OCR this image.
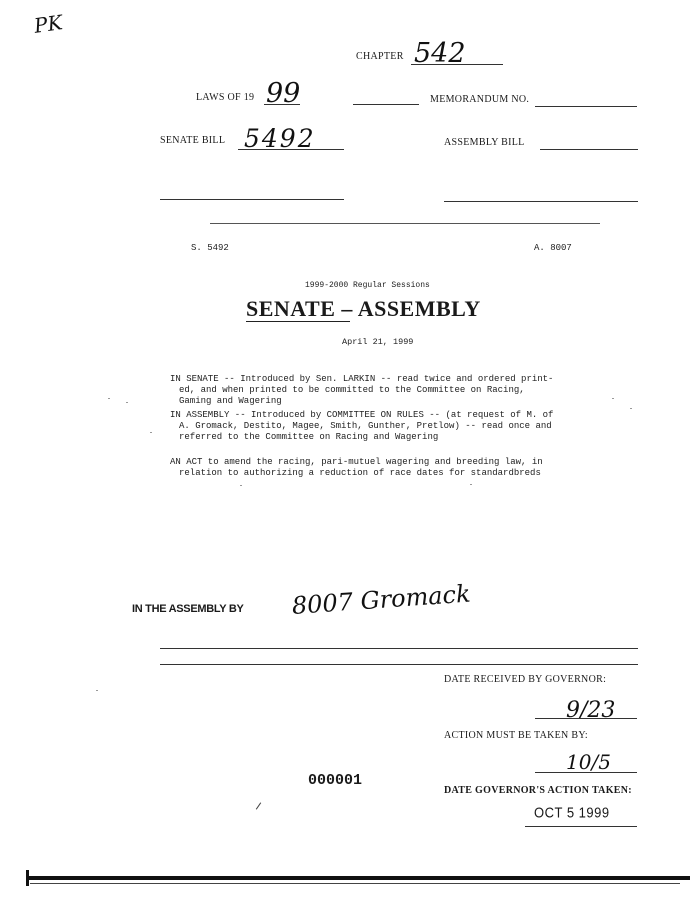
PK
CHAPTER 542
LAWS OF 19 99	MEMORANDUM NO.
SENATE BILL 5492	ASSEMBLY BILL
S. 5492	A. 8007
1999-2000 Regular Sessions
SENATE – ASSEMBLY
April 21, 1999
IN SENATE -- Introduced by Sen. LARKIN -- read twice and ordered print-
ed, and when printed to be committed to the Committee on Racing,
Gaming and Wagering
IN ASSEMBLY -- Introduced by COMMITTEE ON RULES -- (at request of M. of
A. Gromack, Destito, Magee, Smith, Gunther, Pretlow) -- read once and
referred to the Committee on Racing and Wagering
AN ACT to amend the racing, pari-mutuel wagering and breeding law, in
relation to authorizing a reduction of race dates for standardbreds
IN THE ASSEMBLY BY 8007 Gromack
DATE RECEIVED BY GOVERNOR:
9/23
ACTION MUST BE TAKEN BY:
10/5
000001
DATE GOVERNOR'S ACTION TAKEN:
OCT 5 1999
